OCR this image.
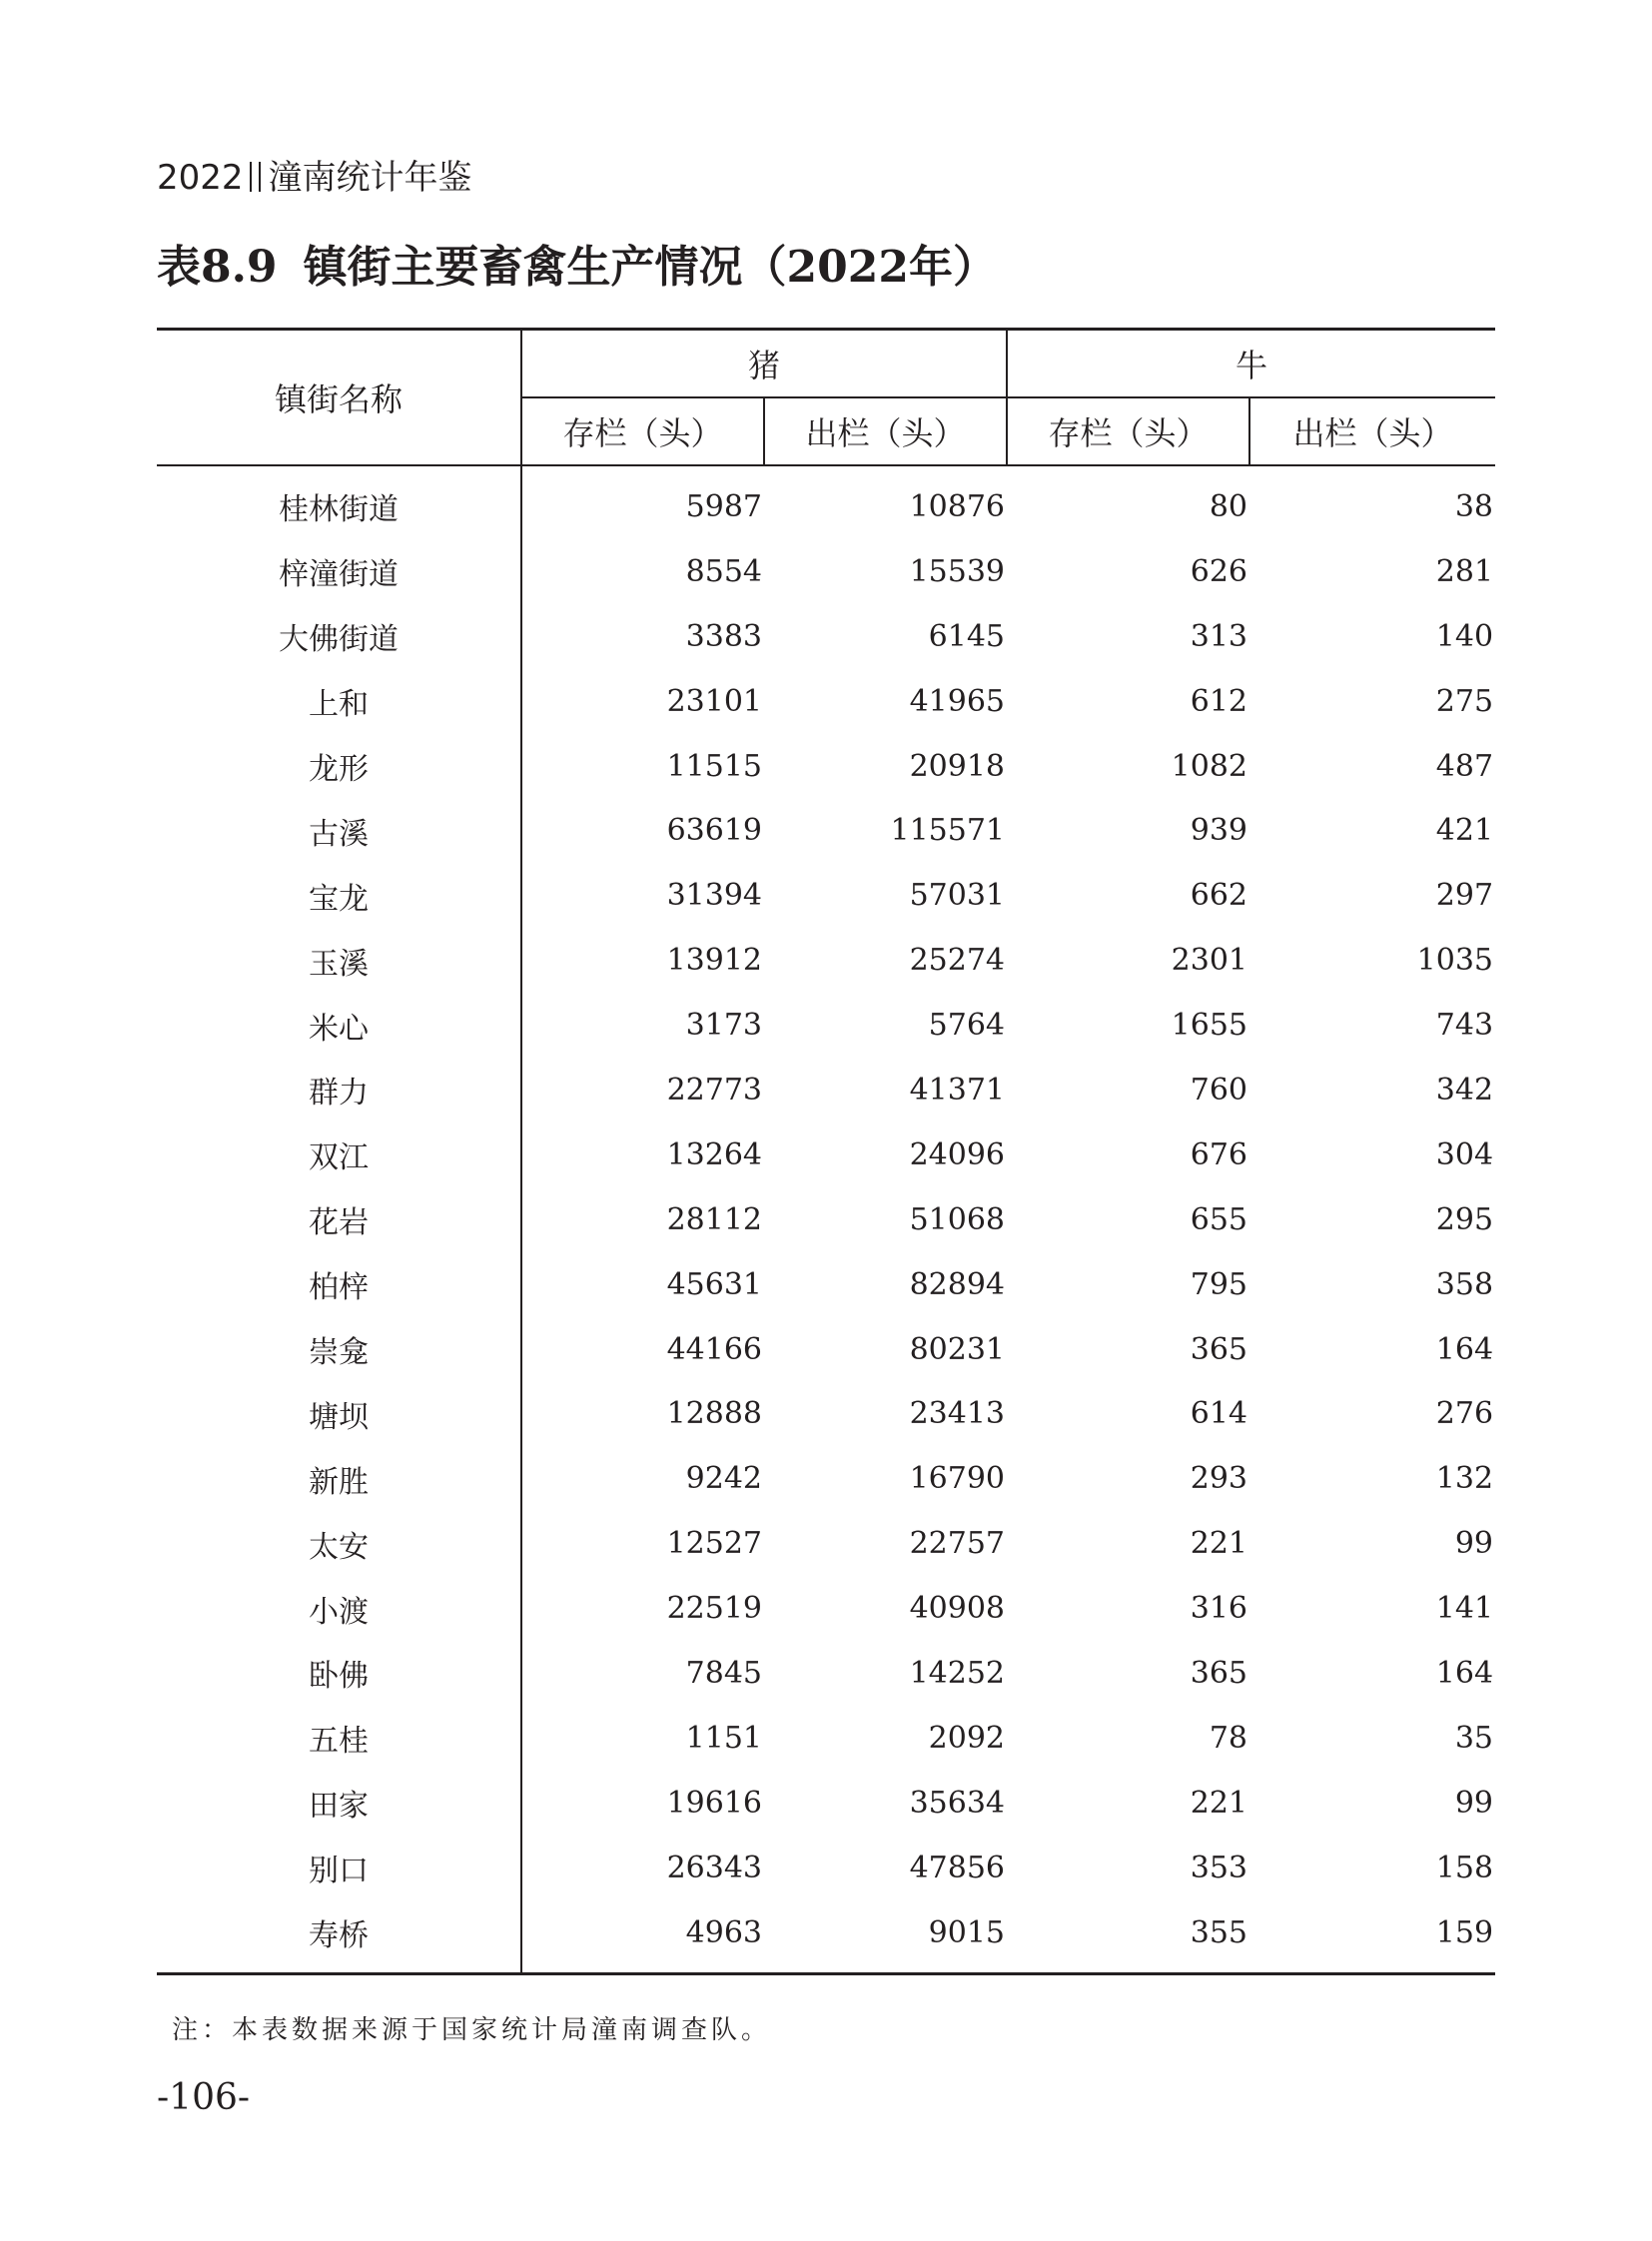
2022 潼南统计年鉴
表8.9 镇街主要畜禽生产情况（2022年）
镇街名称	猪		牛	
	存栏（头）	出栏（头）	存栏（头）	出栏（头）
桂林街道	5987	10876	80	38
梓潼街道	8554	15539	626	281
大佛街道	3383	6145	313	140
上和	23101	41965	612	275
龙形	11515	20918	1082	487
古溪	63619	115571	939	421
宝龙	31394	57031	662	297
玉溪	13912	25274	2301	1035
米心	3173	5764	1655	743
群力	22773	41371	760	342
双江	13264	24096	676	304
花岩	28112	51068	655	295
柏梓	45631	82894	795	358
崇龛	44166	80231	365	164
塘坝	12888	23413	614	276
新胜	9242	16790	293	132
太安	12527	22757	221	99
小渡	22519	40908	316	141
卧佛	7845	14252	365	164
五桂	1151	2092	78	35
田家	19616	35634	221	99
别口	26343	47856	353	158
寿桥	4963	9015	355	159
注：本表数据来源于国家统计局潼南调查队。
-106-
